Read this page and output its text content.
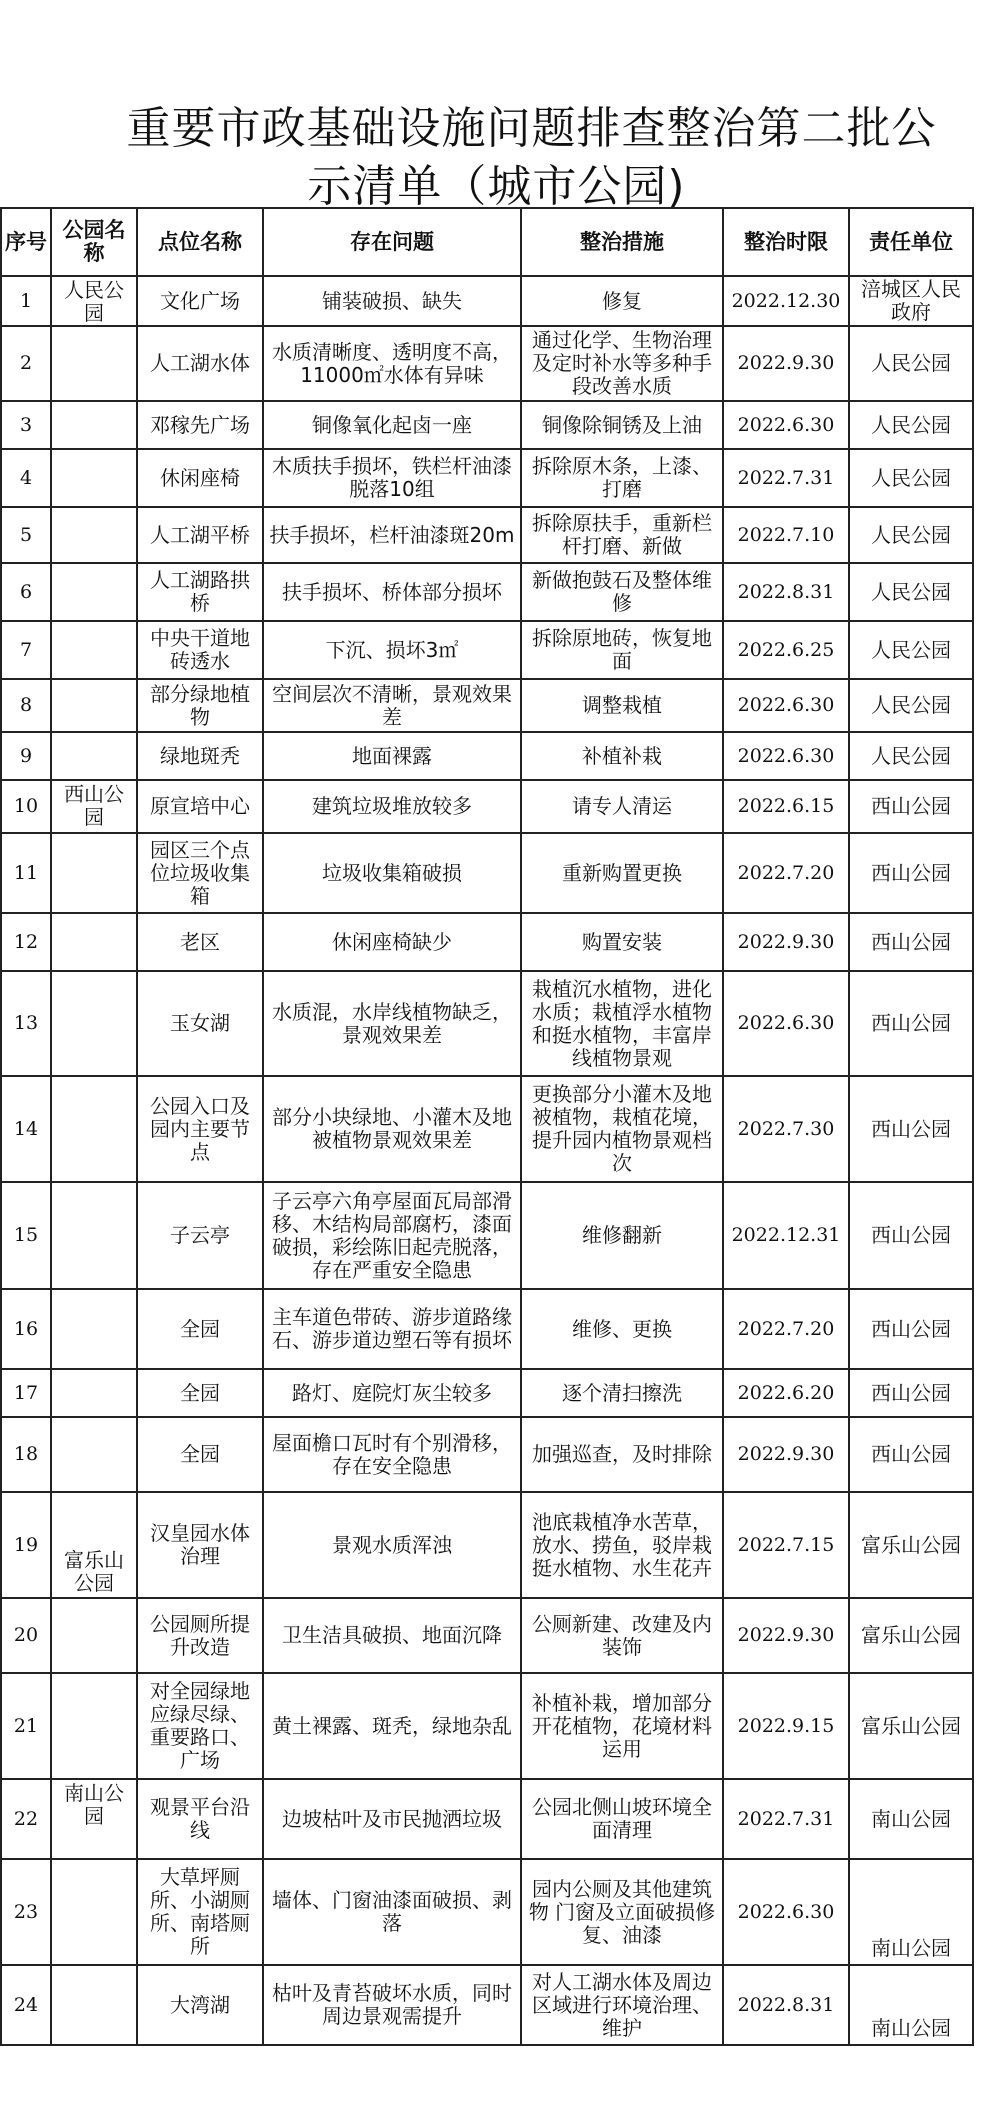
重要市政基础设施问题排查整治第二批公
示清单（城市公园)
序号	公园名称	点位名称	存在问题	整治措施	整治时限	责任单位
1	人民公园	文化广场	铺装破损、缺失	修复	2022.12.30	涪城区人民政府
2		人工湖水体	水质清晰度、透明度不高，11000㎡水体有异味	通过化学、生物治理及定时补水等多种手段改善水质	2022.9.30	人民公园
3		邓稼先广场	铜像氧化起卤一座	铜像除铜锈及上油	2022.6.30	人民公园
4		休闲座椅	木质扶手损坏，铁栏杆油漆脱落10组	拆除原木条，上漆、打磨	2022.7.31	人民公园
5		人工湖平桥	扶手损坏，栏杆油漆斑20m	拆除原扶手，重新栏杆打磨、新做	2022.7.10	人民公园
6		人工湖路拱桥	扶手损坏、桥体部分损坏	新做抱鼓石及整体维修	2022.8.31	人民公园
7		中央干道地砖透水	下沉、损坏3㎡	拆除原地砖，恢复地面	2022.6.25	人民公园
8		部分绿地植物	空间层次不清晰，景观效果差	调整栽植	2022.6.30	人民公园
9		绿地斑秃	地面裸露	补植补栽	2022.6.30	人民公园
10	西山公园	原宣培中心	建筑垃圾堆放较多	请专人清运	2022.6.15	西山公园
11		园区三个点位垃圾收集箱	垃圾收集箱破损	重新购置更换	2022.7.20	西山公园
12		老区	休闲座椅缺少	购置安装	2022.9.30	西山公园
13		玉女湖	水质混，水岸线植物缺乏，景观效果差	栽植沉水植物，进化水质；栽植浮水植物和挺水植物，丰富岸线植物景观	2022.6.30	西山公园
14		公园入口及园内主要节点	部分小块绿地、小灌木及地被植物景观效果差	更换部分小灌木及地被植物，栽植花境，提升园内植物景观档次	2022.7.30	西山公园
15		子云亭	子云亭六角亭屋面瓦局部滑移、木结构局部腐朽，漆面破损，彩绘陈旧起壳脱落，存在严重安全隐患	维修翻新	2022.12.31	西山公园
16		全园	主车道色带砖、游步道路缘石、游步道边塑石等有损坏	维修、更换	2022.7.20	西山公园
17		全园	路灯、庭院灯灰尘较多	逐个清扫擦洗	2022.6.20	西山公园
18		全园	屋面檐口瓦时有个别滑移，存在安全隐患	加强巡查，及时排除	2022.9.30	西山公园
19	富乐山公园	汉皇园水体治理	景观水质浑浊	池底栽植净水苦草，放水、捞鱼，驳岸栽挺水植物、水生花卉	2022.7.15	富乐山公园
20		公园厕所提升改造	卫生洁具破损、地面沉降	公厕新建、改建及内装饰	2022.9.30	富乐山公园
21		对全园绿地应绿尽绿、重要路口、广场	黄土裸露、斑秃，绿地杂乱	补植补栽，增加部分开花植物，花境材料运用	2022.9.15	富乐山公园
22	南山公园	观景平台沿线	边坡枯叶及市民抛洒垃圾	公园北侧山坡环境全面清理	2022.7.31	南山公园
23		大草坪厕所、小湖厕所、南塔厕所	墙体、门窗油漆面破损、剥落	园内公厕及其他建筑物 门窗及立面破损修复、油漆	2022.6.30	南山公园
24		大湾湖	枯叶及青苔破坏水质，同时周边景观需提升	对人工湖水体及周边区域进行环境治理、维护	2022.8.31	南山公园
